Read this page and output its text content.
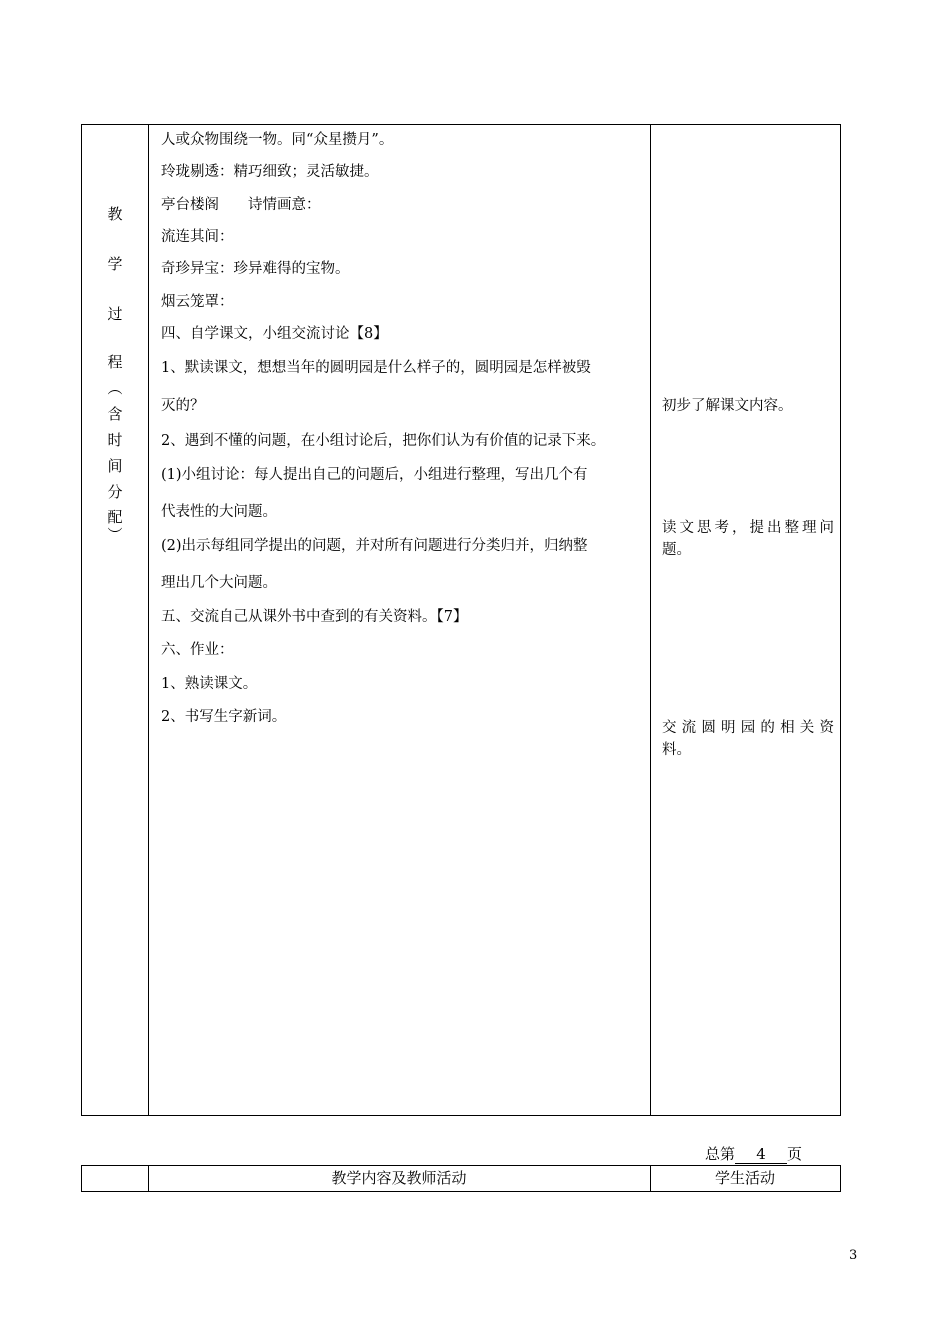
教
学
过
程
︵
含
时
间
分
配
︶
人或众物围绕一物。同“众星攒月”。
玲珑剔透：精巧细致；灵活敏捷。
亭台楼阁　　诗情画意：
流连其间：
奇珍异宝：珍异难得的宝物。
烟云笼罩：
四、自学课文，小组交流讨论【8】
1、默读课文，想想当年的圆明园是什么样子的，圆明园是怎样被毁
灭的？
2、遇到不懂的问题，在小组讨论后，把你们认为有价值的记录下来。
(1)小组讨论：每人提出自己的问题后，小组进行整理，写出几个有
代表性的大问题。
(2)出示每组同学提出的问题，并对所有问题进行分类归并，归纳整
理出几个大问题。
五、交流自己从课外书中查到的有关资料。【7】
六、作业：
1、熟读课文。
2、书写生字新词。
初步了解课文内容。
读文思考，提出整理问
题。
交流圆明园的相关资
料。
总第 4 页
教学内容及教师活动	学生活动
3
